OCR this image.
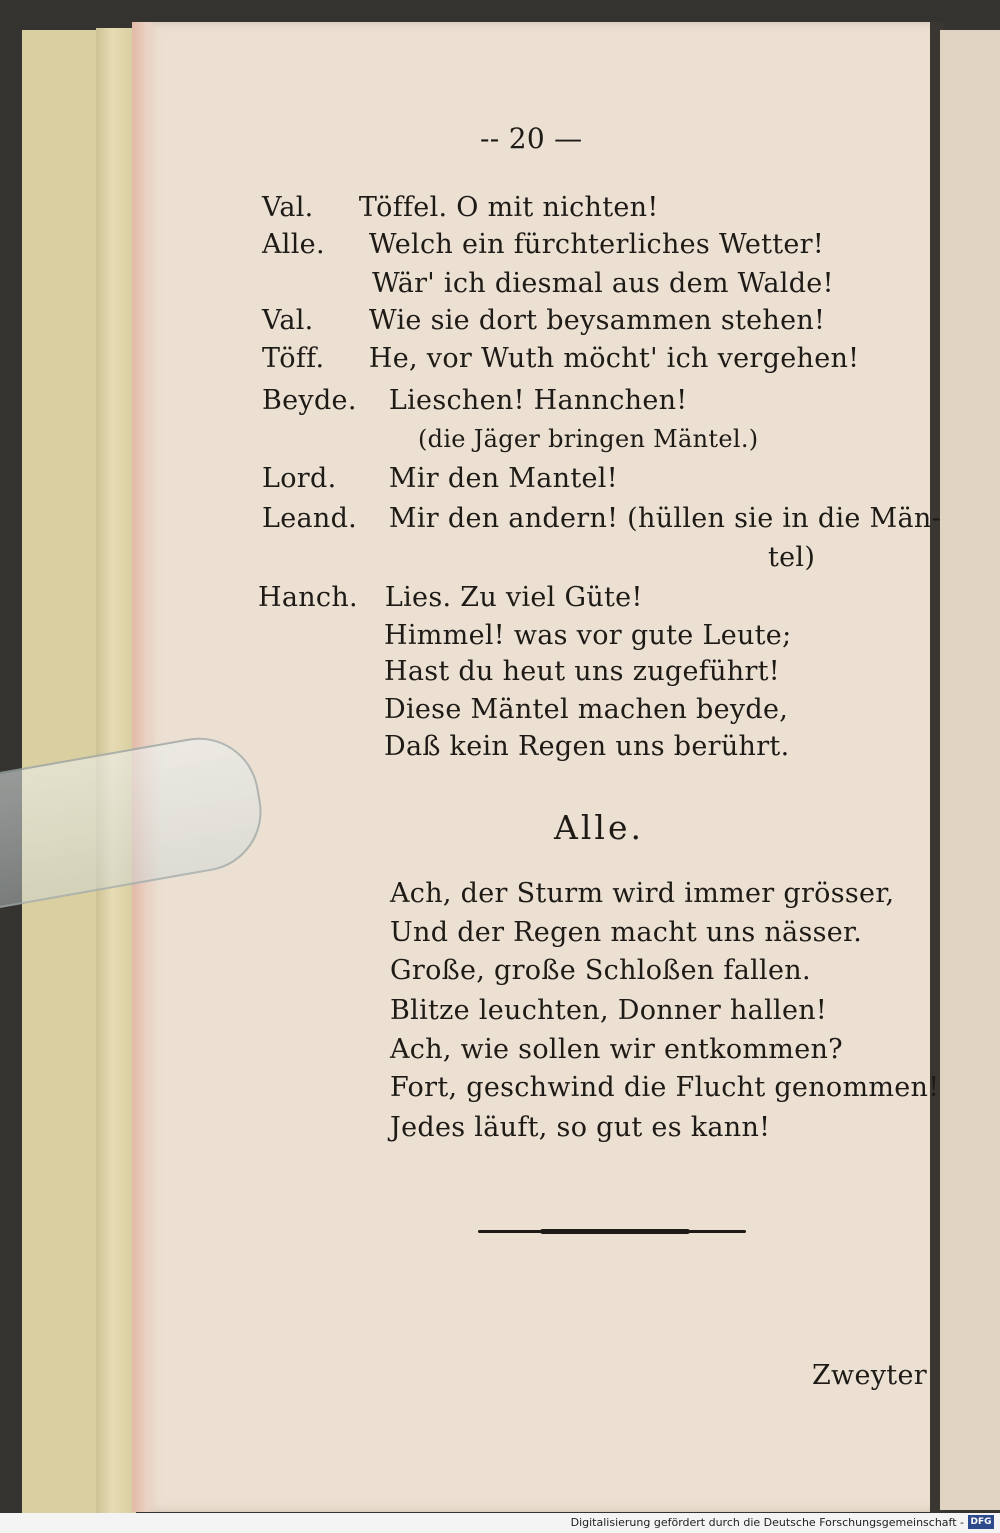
-- 20 —
Val. Töffel. O mit nichten!
Alle. Welch ein fürchterliches Wetter!
Wär' ich diesmal aus dem Walde!
Val. Wie sie dort beysammen stehen!
Töff. He, vor Wuth möcht' ich vergehen!
Beyde. Lieschen! Hannchen!
(die Jäger bringen Mäntel.)
Lord. Mir den Mantel!
Leand. Mir den andern! (hüllen sie in die Män-
tel)
Hanch. Lies. Zu viel Güte!
Himmel! was vor gute Leute;
Hast du heut uns zugeführt!
Diese Mäntel machen beyde,
Daß kein Regen uns berührt.
Alle.
Ach, der Sturm wird immer grösser,
Und der Regen macht uns nässer.
Große, große Schloßen fallen.
Blitze leuchten, Donner hallen!
Ach, wie sollen wir entkommen?
Fort, geschwind die Flucht genommen!
Jedes läuft, so gut es kann!
Zweyter
Digitalisierung gefördert durch die Deutsche Forschungsgemeinschaft - DFG
